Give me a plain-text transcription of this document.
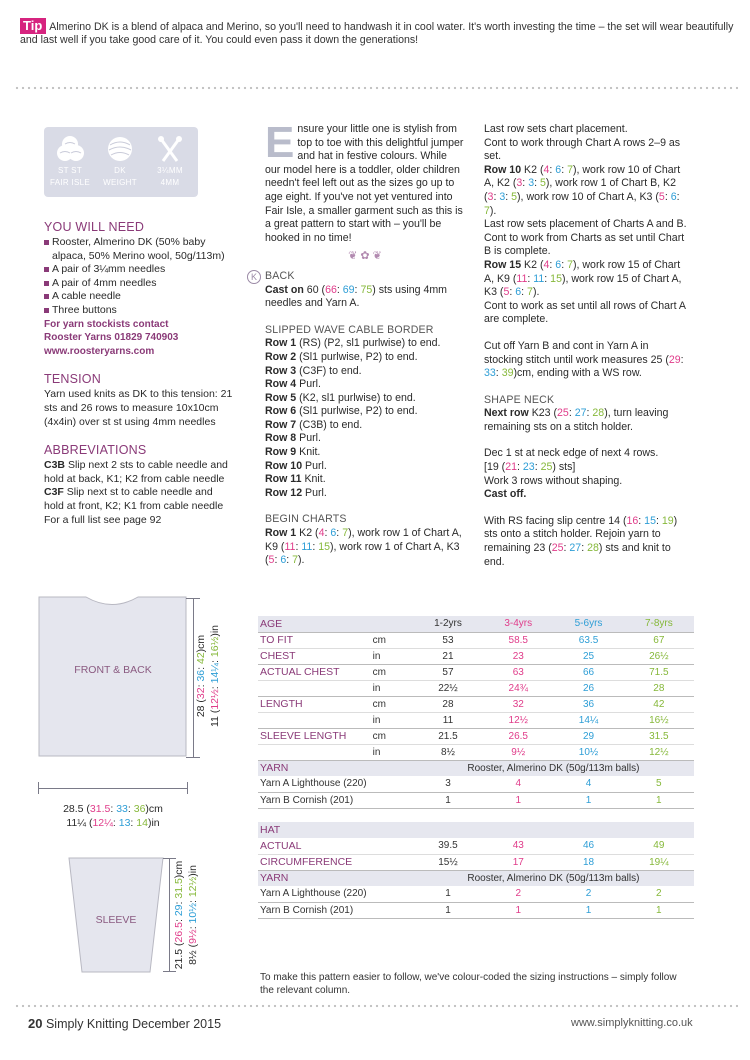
Tip Almerino DK is a blend of alpaca and Merino, so you'll need to handwash it in cool water. It's worth investing the time – the set will wear beautifully and last well if you take good care of it. You could even pass it down the generations!
ST ST
FAIR ISLE
DK
WEIGHT
3¼MM
4MM
YOU WILL NEED
Rooster, Almerino DK (50% baby alpaca, 50% Merino wool, 50g/113m)
A pair of 3¼mm needles
A pair of 4mm needles
A cable needle
Three buttons
For yarn stockists contact
Rooster Yarns 01829 740903
www.roosteryarns.com
TENSION
Yarn used knits as DK to this tension: 21 sts and 26 rows to measure 10x10cm (4x4in) over st st using 4mm needles
ABBREVIATIONS
C3B Slip next 2 sts to cable needle and hold at back, K1; K2 from cable needle
C3F Slip next st to cable needle and hold at front, K2; K1 from cable needle
For a full list see page 92

Ensure your little one is stylish from top to toe with this delightful jumper and hat in festive colours. While our model here is a toddler, older children needn't feel left out as the sizes go up to age eight. If you've not yet ventured into Fair Isle, a smaller garment such as this is a great pattern to start with – you'll be hooked in no time!

❦ ✿ ❦
K BACK

Cast on 60 (66: 69: 75) sts using 4mm needles and Yarn A.

SLIPPED WAVE CABLE BORDER

Row 1 (RS) (P2, sl1 purlwise) to end.

Row 2 (Sl1 purlwise, P2) to end.

Row 3 (C3F) to end.

Row 4 Purl.

Row 5 (K2, sl1 purlwise) to end.

Row 6 (Sl1 purlwise, P2) to end.

Row 7 (C3B) to end.

Row 8 Purl.

Row 9 Knit.

Row 10 Purl.

Row 11 Knit.

Row 12 Purl.

BEGIN CHARTS

Row 1 K2 (4: 6: 7), work row 1 of Chart A, K9 (11: 11: 15), work row 1 of Chart A, K3 (5: 6: 7).

Last row sets chart placement.

Cont to work through Chart A rows 2–9 as set.

Row 10 K2 (4: 6: 7), work row 10 of Chart A, K2 (3: 3: 5), work row 1 of Chart B, K2 (3: 3: 5), work row 10 of Chart A, K3 (5: 6: 7).

Last row sets placement of Charts A and B. Cont to work from Charts as set until Chart B is complete.

Row 15 K2 (4: 6: 7), work row 15 of Chart A, K9 (11: 11: 15), work row 15 of Chart A, K3 (5: 6: 7).

Cont to work as set until all rows of Chart A are complete.

Cut off Yarn B and cont in Yarn A in stocking stitch until work measures 25 (29: 33: 39)cm, ending with a WS row.

SHAPE NECK

Next row K23 (25: 27: 28), turn leaving remaining sts on a stitch holder.

Dec 1 st at neck edge of next 4 rows.

[19 (21: 23: 25) sts]

Work 3 rows without shaping.

Cast off.

With RS facing slip centre 14 (16: 15: 19) sts onto a stitch holder. Rejoin yarn to remaining 23 (25: 27: 28) sts and knit to end.

FRONT & BACK
28 (32: 36: 42)cm
11 (12½: 14¼: 16½)in
28.5 (31.5: 33: 36)cm
11¼ (12¼: 13: 14)in
SLEEVE
21.5 (26.5: 29: 31.5)cm
8½ (9½: 10½: 12½)in
AGE		1-2yrs	3-4yrs	5-6yrs	7-8yrs
TO FIT	cm	53	58.5	63.5	67
CHEST	in	21	23	25	26½
ACTUAL CHEST	cm	57	63	66	71.5
	in	22½	24¾	26	28
LENGTH	cm	28	32	36	42
	in	11	12½	14¼	16½
SLEEVE LENGTH	cm	21.5	26.5	29	31.5
	in	8½	9½	10½	12½
YARN		Rooster, Almerino DK (50g/113m balls)			
Yarn A Lighthouse (220)		3	4	4	5
Yarn B Cornish (201)		1	1	1	1

HAT					
ACTUAL		39.5	43	46	49
CIRCUMFERENCE		15½	17	18	19¼
YARN		Rooster, Almerino DK (50g/113m balls)			
Yarn A Lighthouse (220)		1	2	2	2
Yarn B Cornish (201)		1	1	1	1
To make this pattern easier to follow, we've colour-coded the sizing instructions – simply follow the relevant column.
20 Simply Knitting December 2015	www.simplyknitting.co.uk
